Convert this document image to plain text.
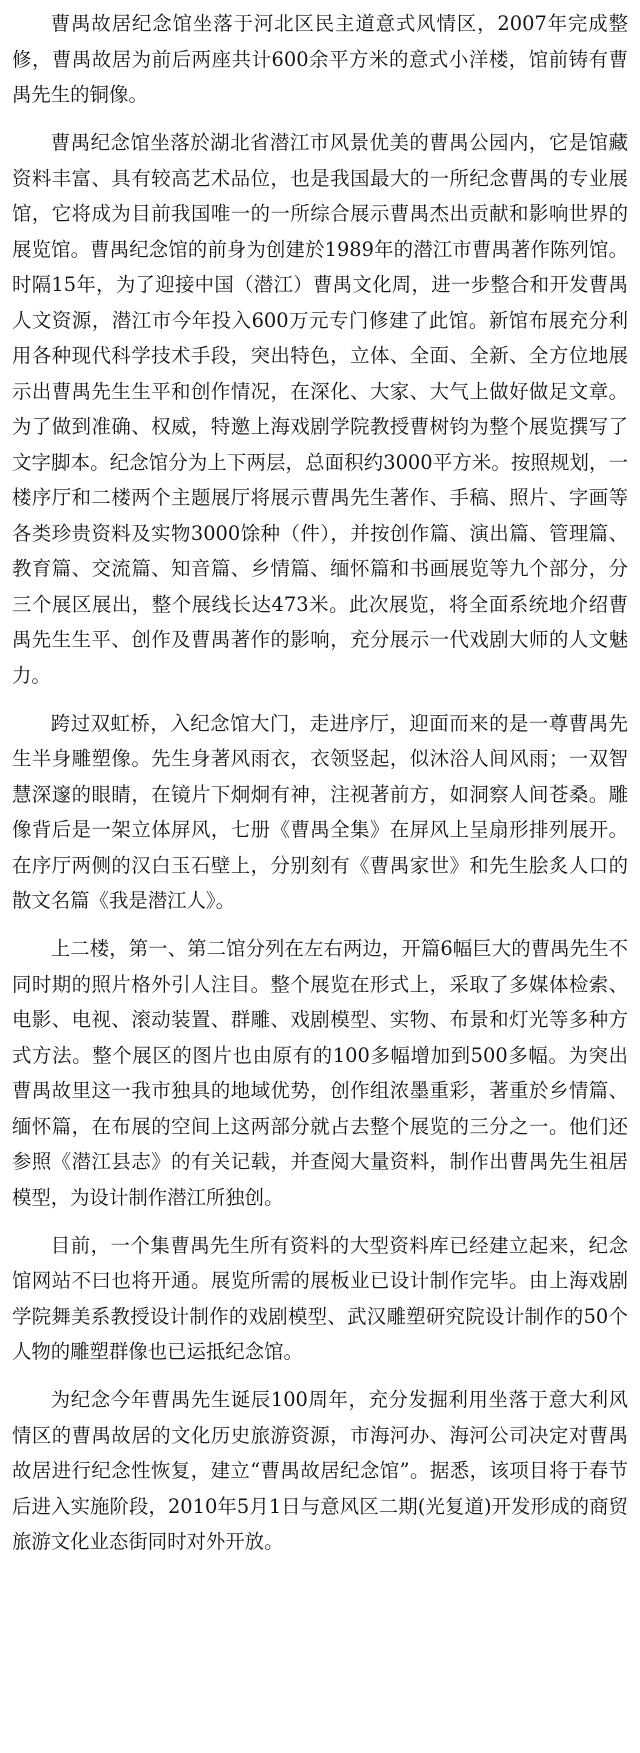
曹禺故居纪念馆坐落于河北区民主道意式风情区，2007年完成整修，曹禺故居为前后两座共计600余平方米的意式小洋楼，馆前铸有曹禺先生的铜像。

曹禺纪念馆坐落於湖北省潜江市风景优美的曹禺公园内，它是馆藏资料丰富、具有较高艺术品位，也是我国最大的一所纪念曹禺的专业展馆，它将成为目前我国唯一的一所综合展示曹禺杰出贡献和影响世界的展览馆。曹禺纪念馆的前身为创建於1989年的潜江市曹禺著作陈列馆。时隔15年，为了迎接中国（潜江）曹禺文化周，进一步整合和开发曹禺人文资源，潜江市今年投入600万元专门修建了此馆。新馆布展充分利用各种现代科学技术手段，突出特色，立体、全面、全新、全方位地展示出曹禺先生生平和创作情况，在深化、大家、大气上做好做足文章。为了做到准确、权威，特邀上海戏剧学院教授曹树钧为整个展览撰写了文字脚本。纪念馆分为上下两层，总面积约3000平方米。按照规划，一楼序厅和二楼两个主题展厅将展示曹禺先生著作、手稿、照片、字画等各类珍贵资料及实物3000馀种（件），并按创作篇、演出篇、管理篇、教育篇、交流篇、知音篇、乡情篇、缅怀篇和书画展览等九个部分，分三个展区展出，整个展线长达473米。此次展览，将全面系统地介绍曹禺先生生平、创作及曹禺著作的影响，充分展示一代戏剧大师的人文魅力。

跨过双虹桥，入纪念馆大门，走进序厅，迎面而来的是一尊曹禺先生半身雕塑像。先生身著风雨衣，衣领竖起，似沐浴人间风雨；一双智慧深邃的眼睛，在镜片下炯炯有神，注视著前方，如洞察人间苍桑。雕像背后是一架立体屏风，七册《曹禺全集》在屏风上呈扇形排列展开。在序厅两侧的汉白玉石壁上，分别刻有《曹禺家世》和先生脍炙人口的散文名篇《我是潜江人》。

上二楼，第一、第二馆分列在左右两边，开篇6幅巨大的曹禺先生不同时期的照片格外引人注目。整个展览在形式上，采取了多媒体检索、电影、电视、滚动装置、群雕、戏剧模型、实物、布景和灯光等多种方式方法。整个展区的图片也由原有的100多幅增加到500多幅。为突出曹禺故里这一我市独具的地域优势，创作组浓墨重彩，著重於乡情篇、缅怀篇，在布展的空间上这两部分就占去整个展览的三分之一。他们还参照《潜江县志》的有关记载，并查阅大量资料，制作出曹禺先生祖居模型，为设计制作潜江所独创。

目前，一个集曹禺先生所有资料的大型资料库已经建立起来，纪念馆网站不曰也将开通。展览所需的展板业已设计制作完毕。由上海戏剧学院舞美系教授设计制作的戏剧模型、武汉雕塑研究院设计制作的50个人物的雕塑群像也已运抵纪念馆。

为纪念今年曹禺先生诞辰100周年，充分发掘利用坐落于意大利风情区的曹禺故居的文化历史旅游资源，市海河办、海河公司决定对曹禺故居进行纪念性恢复，建立“曹禺故居纪念馆”。据悉，该项目将于春节后进入实施阶段，2010年5月1日与意风区二期(光复道)开发形成的商贸旅游文化业态街同时对外开放。
